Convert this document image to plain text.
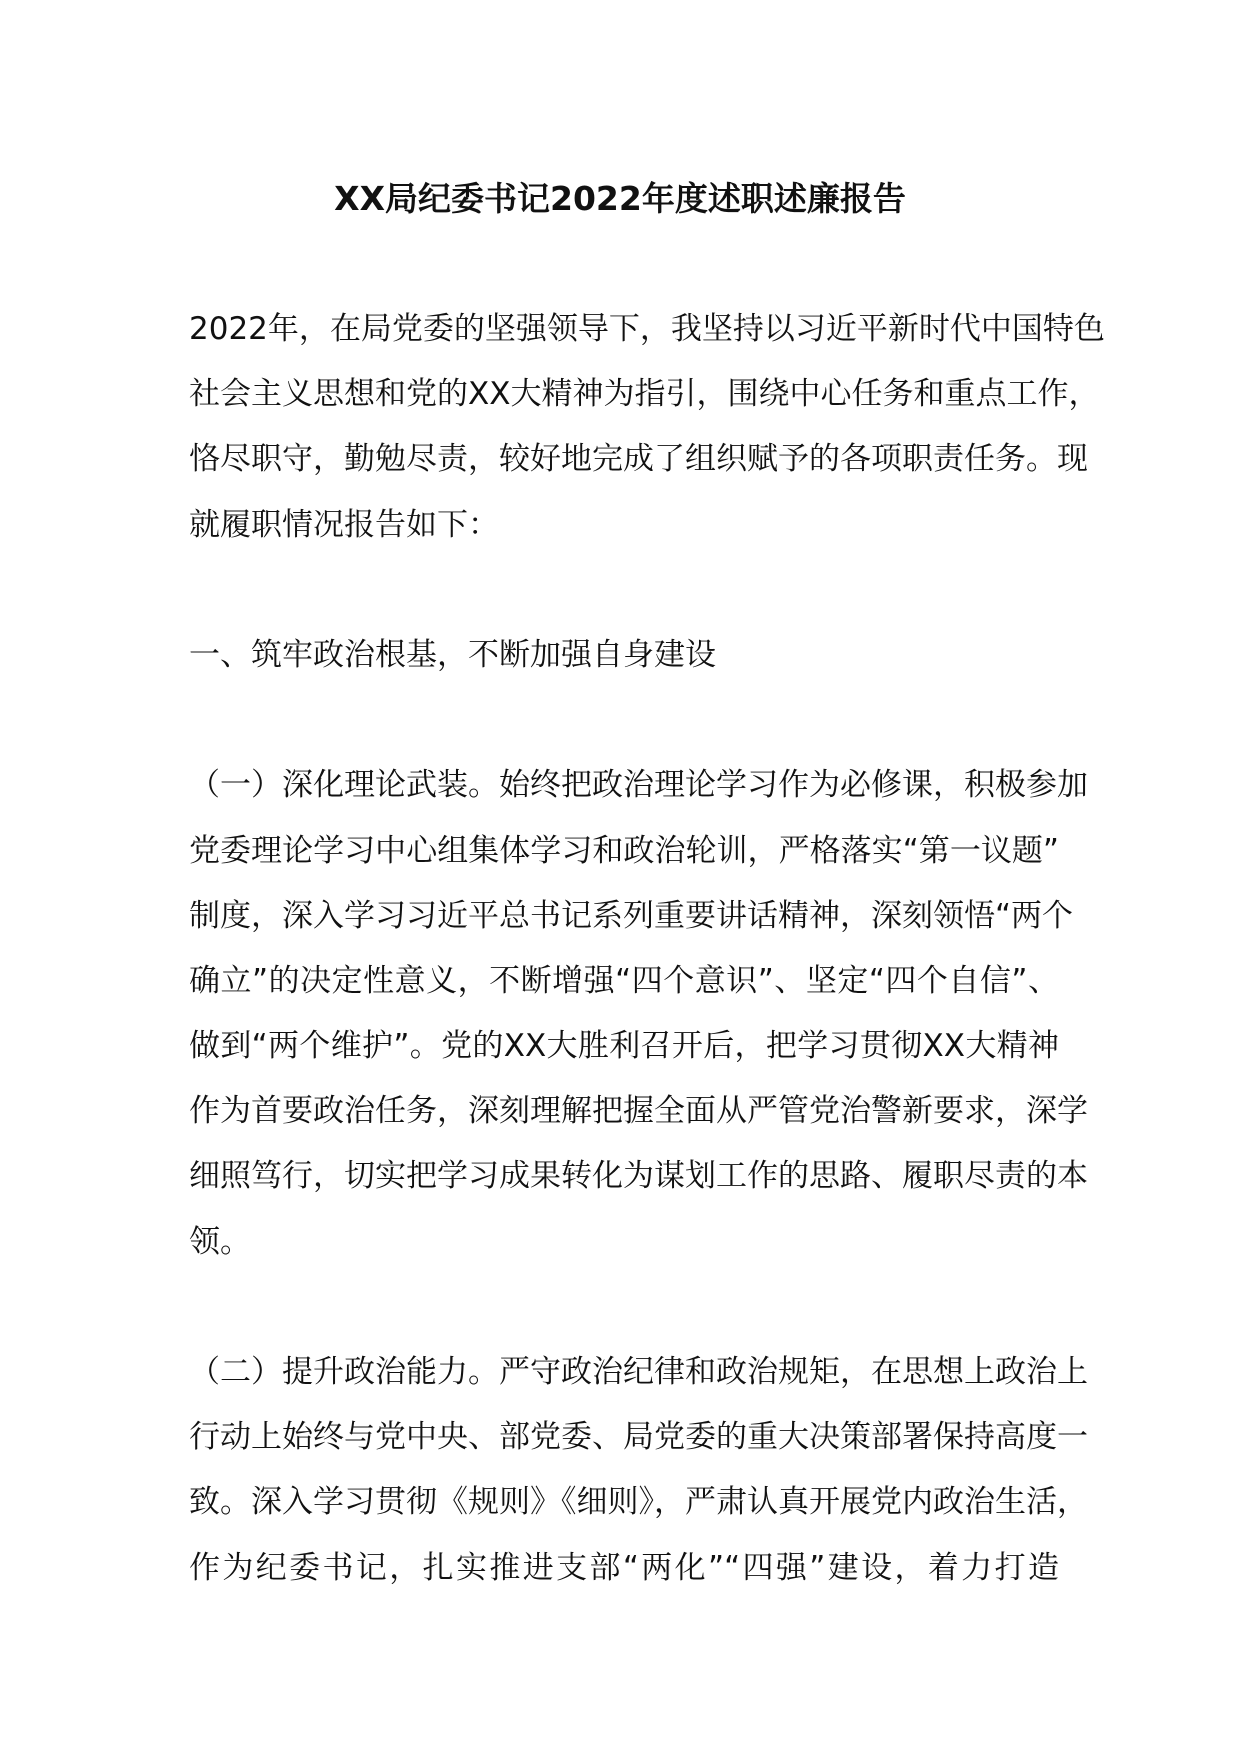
XX局纪委书记2022年度述职述廉报告
2022年，在局党委的坚强领导下，我坚持以习近平新时代中国特色
社会主义思想和党的XX大精神为指引，围绕中心任务和重点工作，
恪尽职守，勤勉尽责，较好地完成了组织赋予的各项职责任务。现
就履职情况报告如下：
一、筑牢政治根基，不断加强自身建设
（一）深化理论武装。始终把政治理论学习作为必修课，积极参加
党委理论学习中心组集体学习和政治轮训，严格落实“第一议题”
制度，深入学习习近平总书记系列重要讲话精神，深刻领悟“两个
确立”的决定性意义，不断增强“四个意识”、坚定“四个自信”、
做到“两个维护”。党的XX大胜利召开后，把学习贯彻XX大精神
作为首要政治任务，深刻理解把握全面从严管党治警新要求，深学
细照笃行，切实把学习成果转化为谋划工作的思路、履职尽责的本
领。
（二）提升政治能力。严守政治纪律和政治规矩，在思想上政治上
行动上始终与党中央、部党委、局党委的重大决策部署保持高度一
致。深入学习贯彻《规则》《细则》，严肃认真开展党内政治生活，
作为纪委书记，扎实推进支部“两化”“四强”建设，着力打造
